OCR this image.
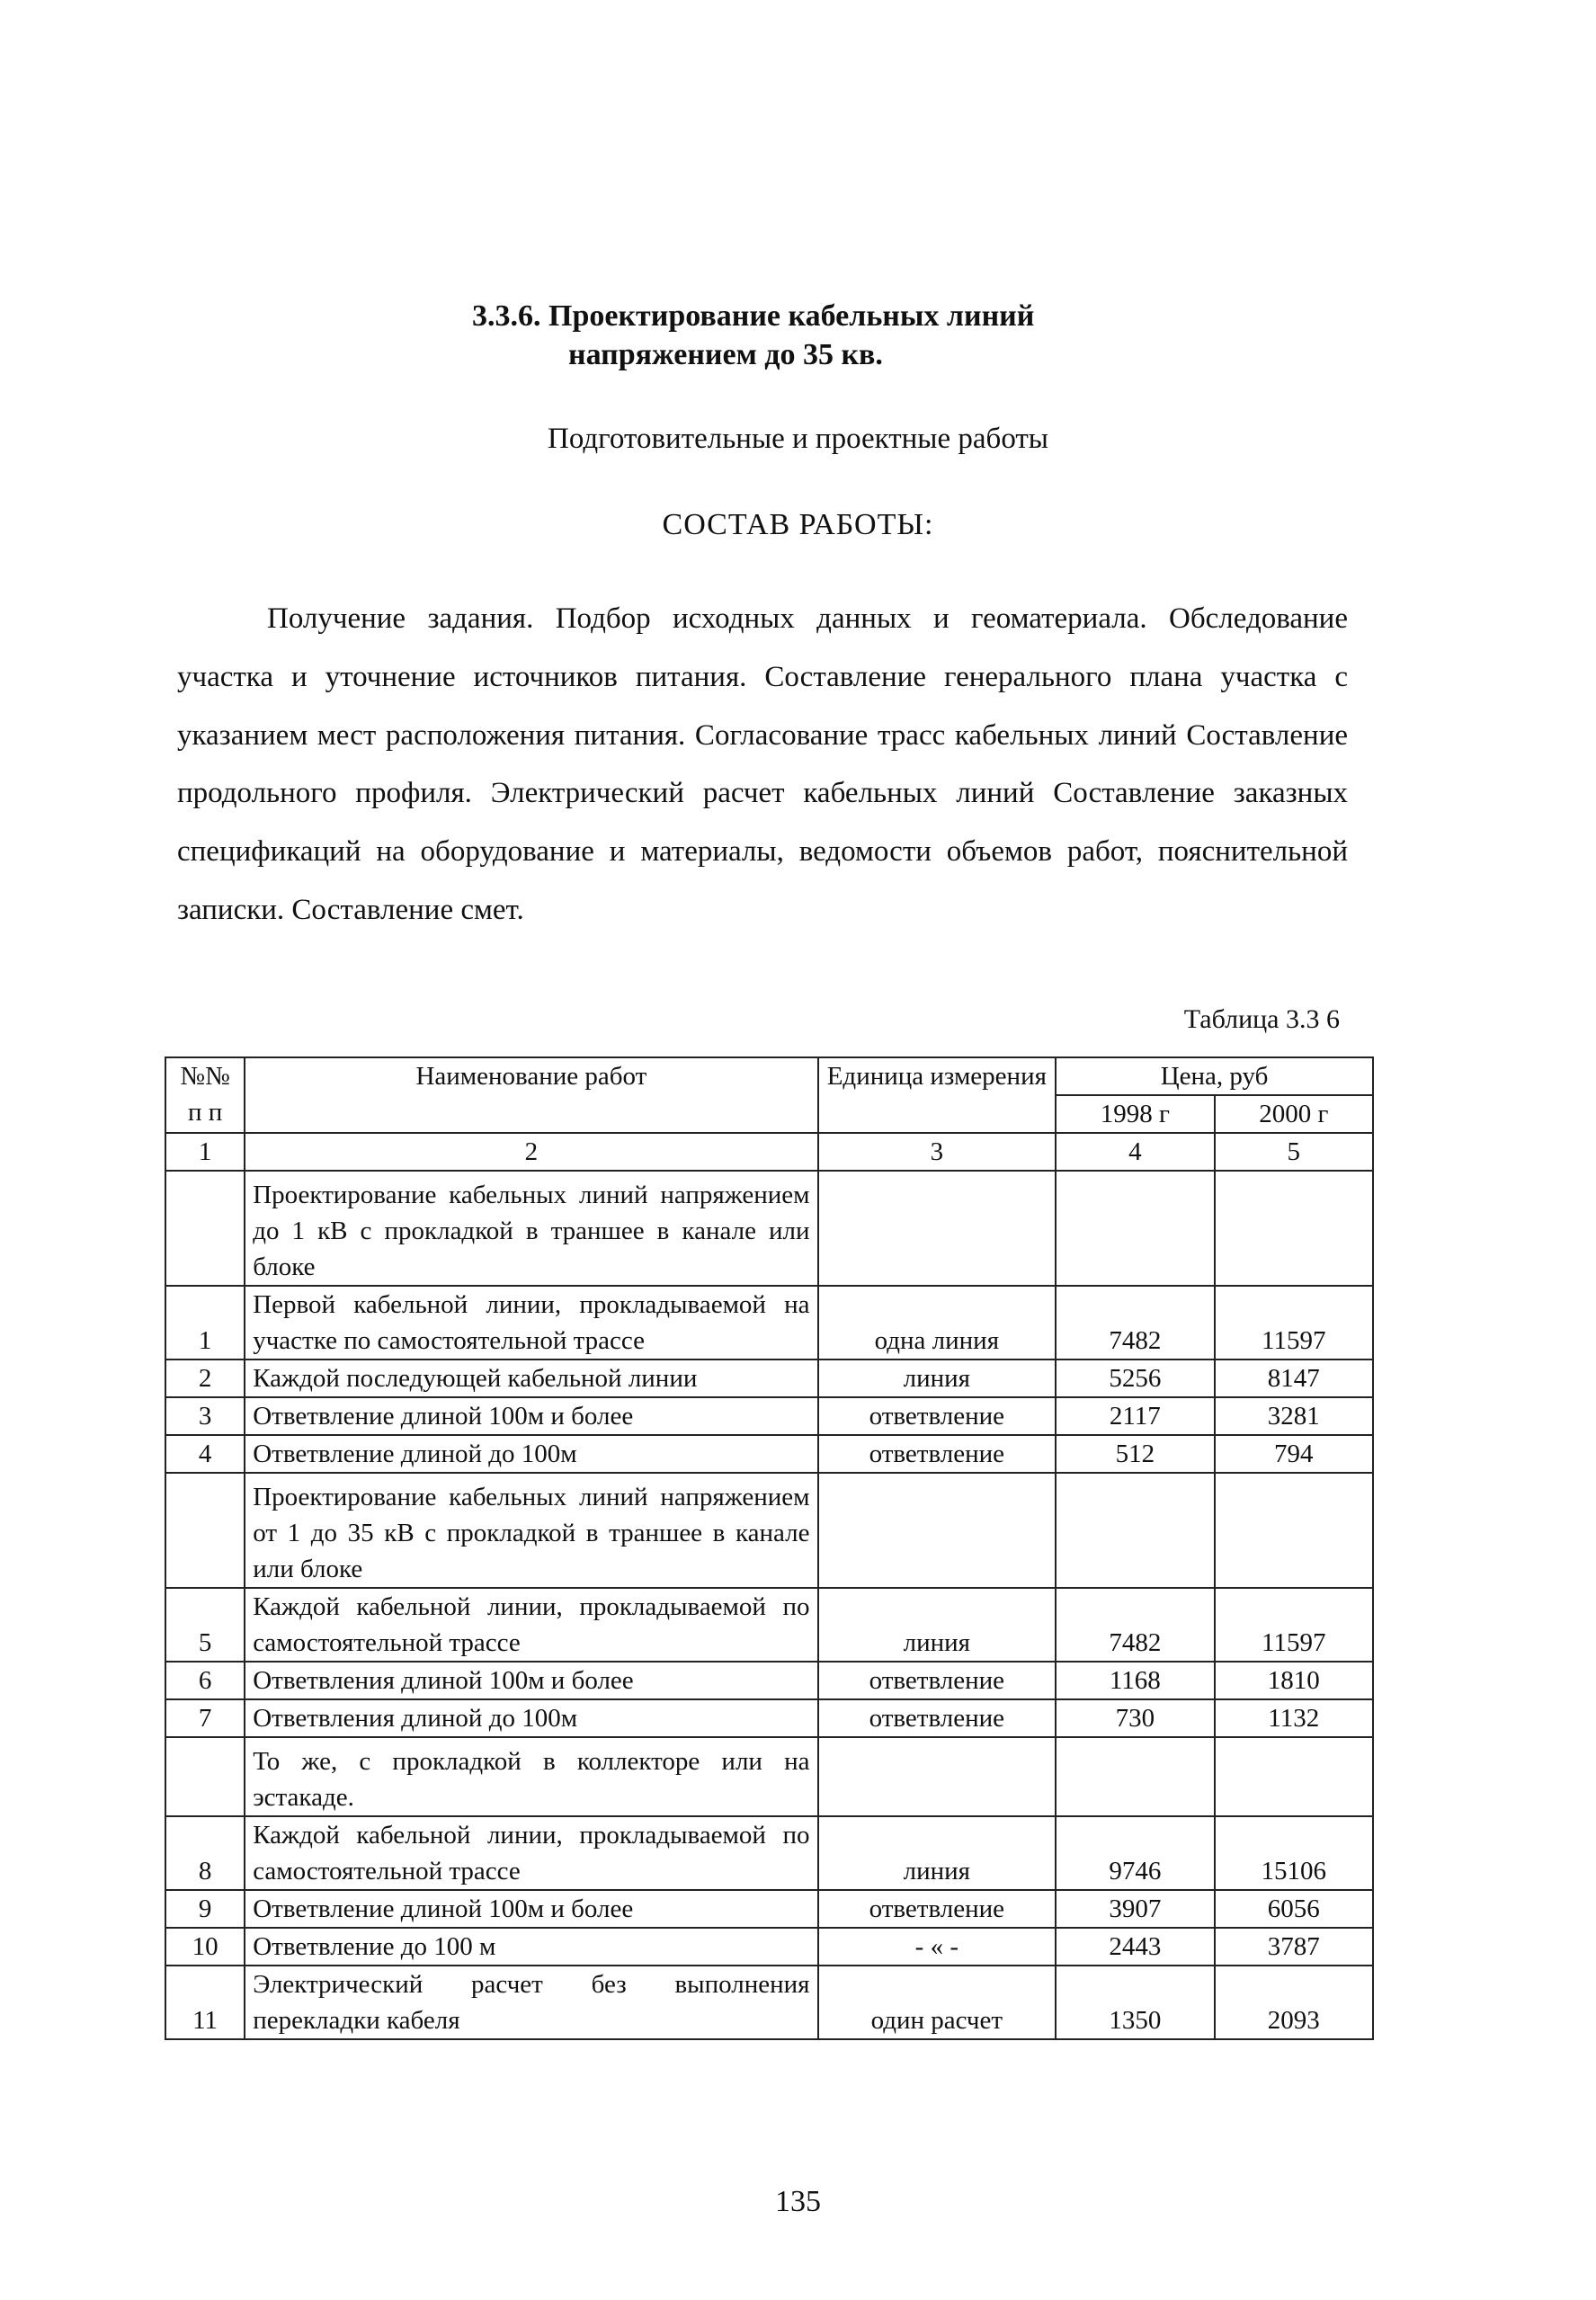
3.3.6. Проектирование кабельных линий
напряжением до 35 кв.
Подготовительные и проектные работы
СОСТАВ РАБОТЫ:
Получение задания. Подбор исходных данных и геоматериала. Обследование участка и уточнение источников питания. Составление генерального плана участка с указанием мест расположения питания. Согласование трасс кабельных линий Составление продольного профиля. Электрический расчет кабельных линий Составление заказных спецификаций на оборудование и материалы, ведомости объемов работ, пояснительной записки. Составление смет.
Таблица 3.3 6
№№ п п	Наименование работ	Единица измерения	Цена, руб	
			1998 г	2000 г
1	2	3	4	5
	Проектирование кабельных линий напряжением до 1 кВ с прокладкой в траншее в канале или блоке			
1	Первой кабельной линии, прокладываемой на участке по самостоятельной трассе	одна линия	7482	11597
2	Каждой последующей кабельной линии	линия	5256	8147
3	Ответвление длиной 100м и более	ответвление	2117	3281
4	Ответвление длиной до 100м	ответвление	512	794
	Проектирование кабельных линий напряжением от 1 до 35 кВ с прокладкой в траншее в канале или блоке			
5	Каждой кабельной линии, прокладываемой по самостоятельной трассе	линия	7482	11597
6	Ответвления длиной 100м и более	ответвление	1168	1810
7	Ответвления длиной до 100м	ответвление	730	1132
	То же, с прокладкой в коллекторе или на эстакаде.			
8	Каждой кабельной линии, прокладываемой по самостоятельной трассе	линия	9746	15106
9	Ответвление длиной 100м и более	ответвление	3907	6056
10	Ответвление до 100 м	- « -	2443	3787
11	Электрический расчет без выполнения перекладки кабеля	один расчет	1350	2093
135
